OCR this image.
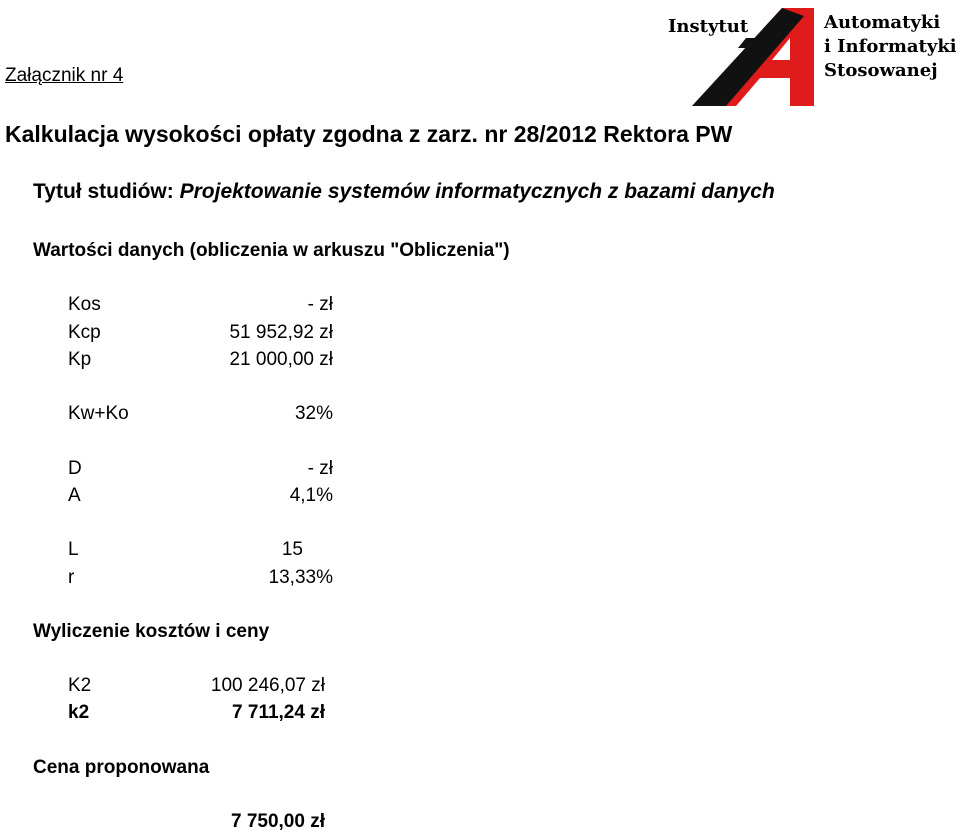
Instytut	Automatyki
i Informatyki
Stosowanej
Załącznik nr 4
Kalkulacja wysokości opłaty zgodna z zarz. nr 28/2012 Rektora PW
Tytuł studiów: Projektowanie systemów informatycznych z bazami danych
Wartości danych (obliczenia w arkuszu "Obliczenia")
Kos	- zł
Kcp	51 952,92 zł
Kp	21 000,00 zł
Kw+Ko	32%
D	- zł
A	4,1%
L	15
r	13,33%
Wyliczenie kosztów i ceny
K2	100 246,07 zł
k2	7 711,24 zł
Cena proponowana
7 750,00 zł
